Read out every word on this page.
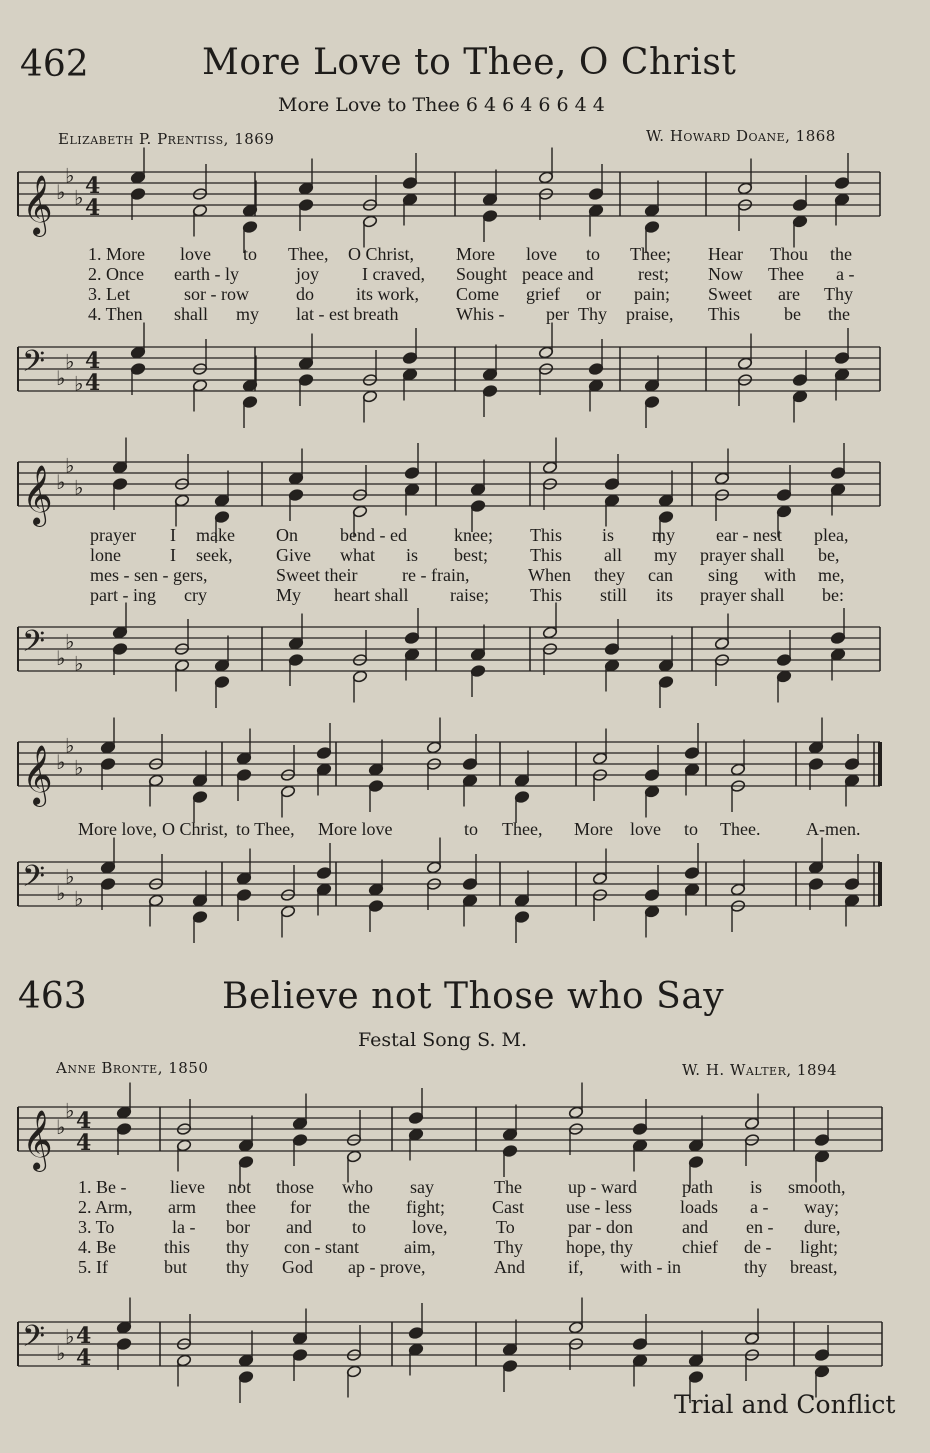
462	More Love to Thee, O Christ
More Love to Thee 6 4 6 4 6 6 4 4
Elizabeth P. Prentiss, 1869	W. Howard Doane, 1868
𝄞 ♭
♭
♭ 4
4
𝄢 ♭
♭
♭
4
4
𝄞 ♭
♭
♭
𝄢 ♭
♭
♭
𝄞 ♭
♭
♭
𝄢 ♭
♭
♭
1. More love to Thee, O Christ, More love to Thee; Hear Thou the
2. Once earth - ly	joy I craved, Sought peace and rest; Now Thee a -
3. Let	sor - row	do its work, Come grief or pain; Sweet are Thy
4. Then shall my lat - est breath	Whis - per Thy praise, This be the
prayer I make On bend - ed	knee; This is my ear - nest plea,
lone	I seek, Give what is best; This all my prayer shall be,
mes - sen - gers,	Sweet their re - frain,	When they can sing with me,
part - ing cry	My heart shall raise; This still its prayer shall be:
More love, O Christ, to Thee, More love	to Thee, More love to Thee.	A-men.
463	Believe not Those who Say
Festal Song S. M.
Anne Bronte, 1850	W. H. Walter, 1894
𝄞 ♭
♭ 4
4
𝄢 ♭
♭ 4
4
1. Be - lieve not those who say	The	up - ward	path is smooth,
2. Arm, arm thee for the fight;	Cast use - less	loads a - way;
3. To	la - bor and to	love,	To	par - don	and en - dure,
4. Be	this thy con - stant	aim,	Thy hope, thy	chief de - light;
5. If	but thy God ap - prove,	And if, with - in	thy breast,
Trial and Conflict
